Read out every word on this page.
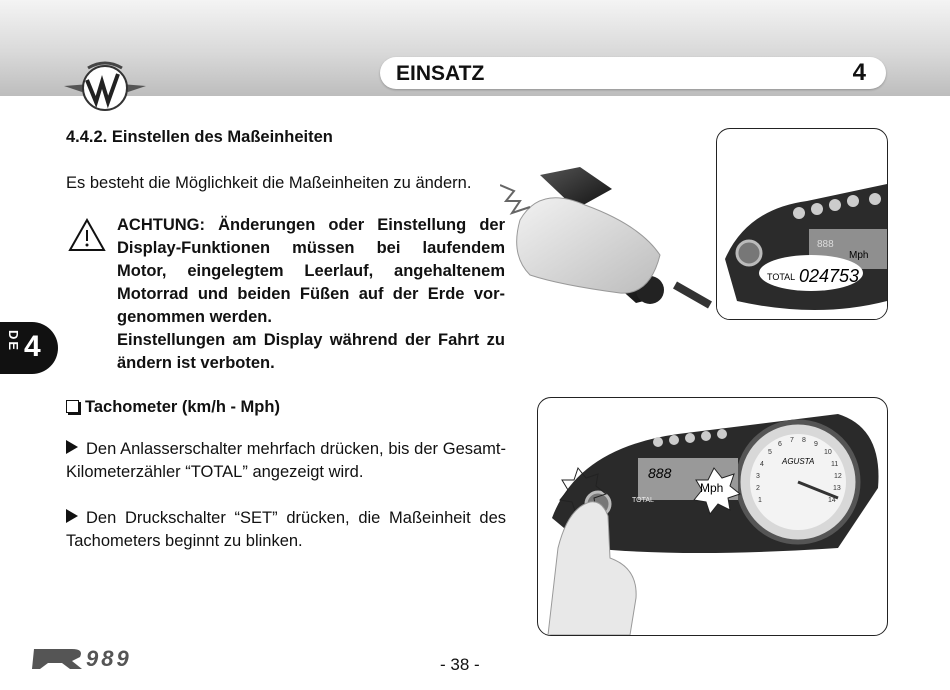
EINSATZ	4
DE 4
4.4.2. Einstellen des Maßeinheiten
Es besteht die Möglichkeit die Maßeinheiten zu ändern.
ACHTUNG: Änderungen oder Einstellung der Display-Funktionen müssen bei laufendem Motor, eingelegtem Leerlauf, angehaltenem Motorrad und beiden Füßen auf der Erde vor-genommen werden.
Einstellungen am Display während der Fahrt zu ändern ist verboten.
Tachometer (km/h - Mph)
Den Anlasserschalter mehrfach drücken, bis der Gesamt-Kilometerzähler “TOTAL” angezeigt wird.
Den Druckschalter “SET” drücken, die Maßeinheit des Tachometers beginnt zu blinken.
TOTAL 024753
Mph
888
AGUSTA
1
2
3
4
5
6
7 8
9
10
11
12
13
14
888
Mph
TOTAL
989	- 38 -
